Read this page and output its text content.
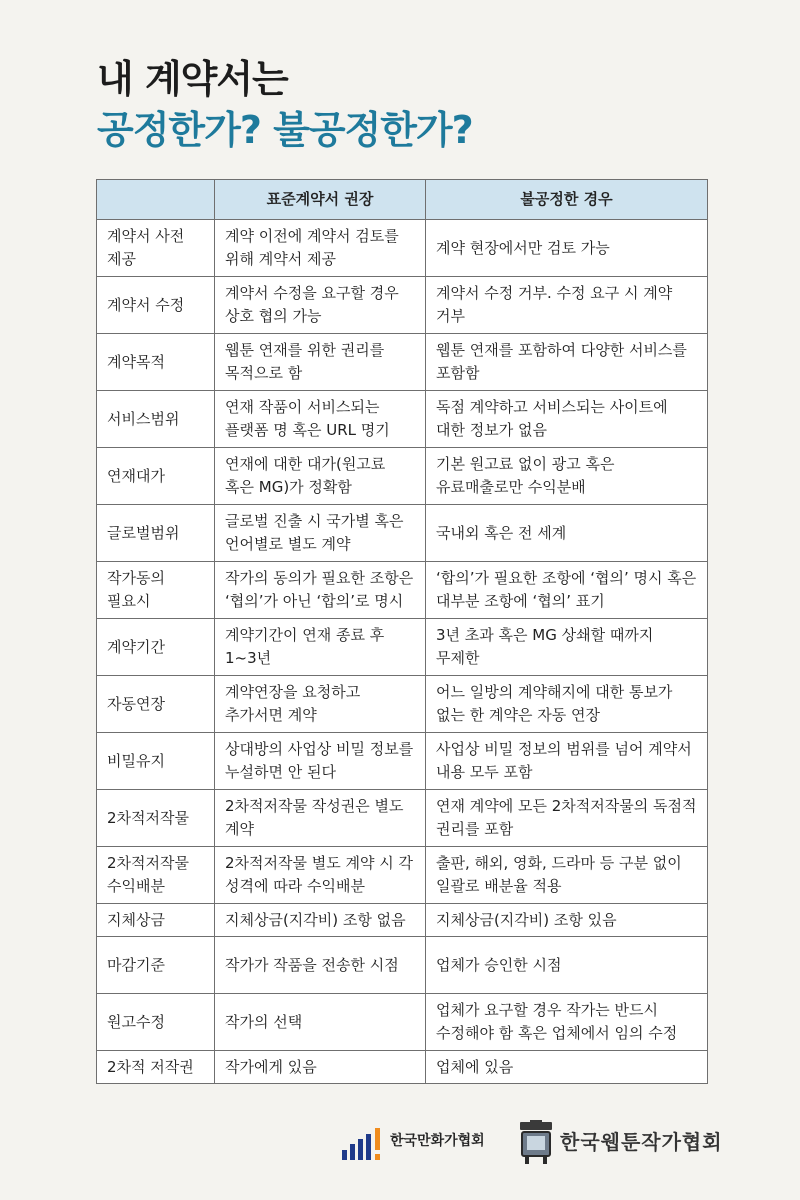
내 계약서는
공정한가? 불공정한가?
	표준계약서 권장	불공정한 경우
계약서 사전 제공	계약 이전에 계약서 검토를 위해 계약서 제공	계약 현장에서만 검토 가능
계약서 수정	계약서 수정을 요구할 경우 상호 협의 가능	계약서 수정 거부. 수정 요구 시 계약 거부
계약목적	웹툰 연재를 위한 권리를 목적으로 함	웹툰 연재를 포함하여 다양한 서비스를 포함함
서비스범위	연재 작품이 서비스되는 플랫폼 명 혹은 URL 명기	독점 계약하고 서비스되는 사이트에 대한 정보가 없음
연재대가	연재에 대한 대가(원고료 혹은 MG)가 정확함	기본 원고료 없이 광고 혹은 유료매출로만 수익분배
글로벌범위	글로벌 진출 시 국가별 혹은 언어별로 별도 계약	국내외 혹은 전 세계
작가동의 필요시	작가의 동의가 필요한 조항은 ‘협의’가 아닌 ‘합의’로 명시	‘합의’가 필요한 조항에 ‘협의’ 명시 혹은 대부분 조항에 ‘협의’ 표기
계약기간	계약기간이 연재 종료 후 1~3년	3년 초과 혹은 MG 상쇄할 때까지 무제한
자동연장	계약연장을 요청하고 추가서면 계약	어느 일방의 계약해지에 대한 통보가 없는 한 계약은 자동 연장
비밀유지	상대방의 사업상 비밀 정보를 누설하면 안 된다	사업상 비밀 정보의 범위를 넘어 계약서 내용 모두 포함
2차적저작물	2차적저작물 작성권은 별도 계약	연재 계약에 모든 2차적저작물의 독점적 권리를 포함
2차적저작물 수익배분	2차적저작물 별도 계약 시 각 성격에 따라 수익배분	출판, 해외, 영화, 드라마 등 구분 없이 일괄로 배분율 적용
지체상금	지체상금(지각비) 조항 없음	지체상금(지각비) 조항 있음
마감기준	작가가 작품을 전송한 시점	업체가 승인한 시점
원고수정	작가의 선택	업체가 요구할 경우 작가는 반드시 수정해야 함 혹은 업체에서 임의 수정
2차적 저작권	작가에게 있음	업체에 있음
한국만화가협회	한국웹툰작가협회
